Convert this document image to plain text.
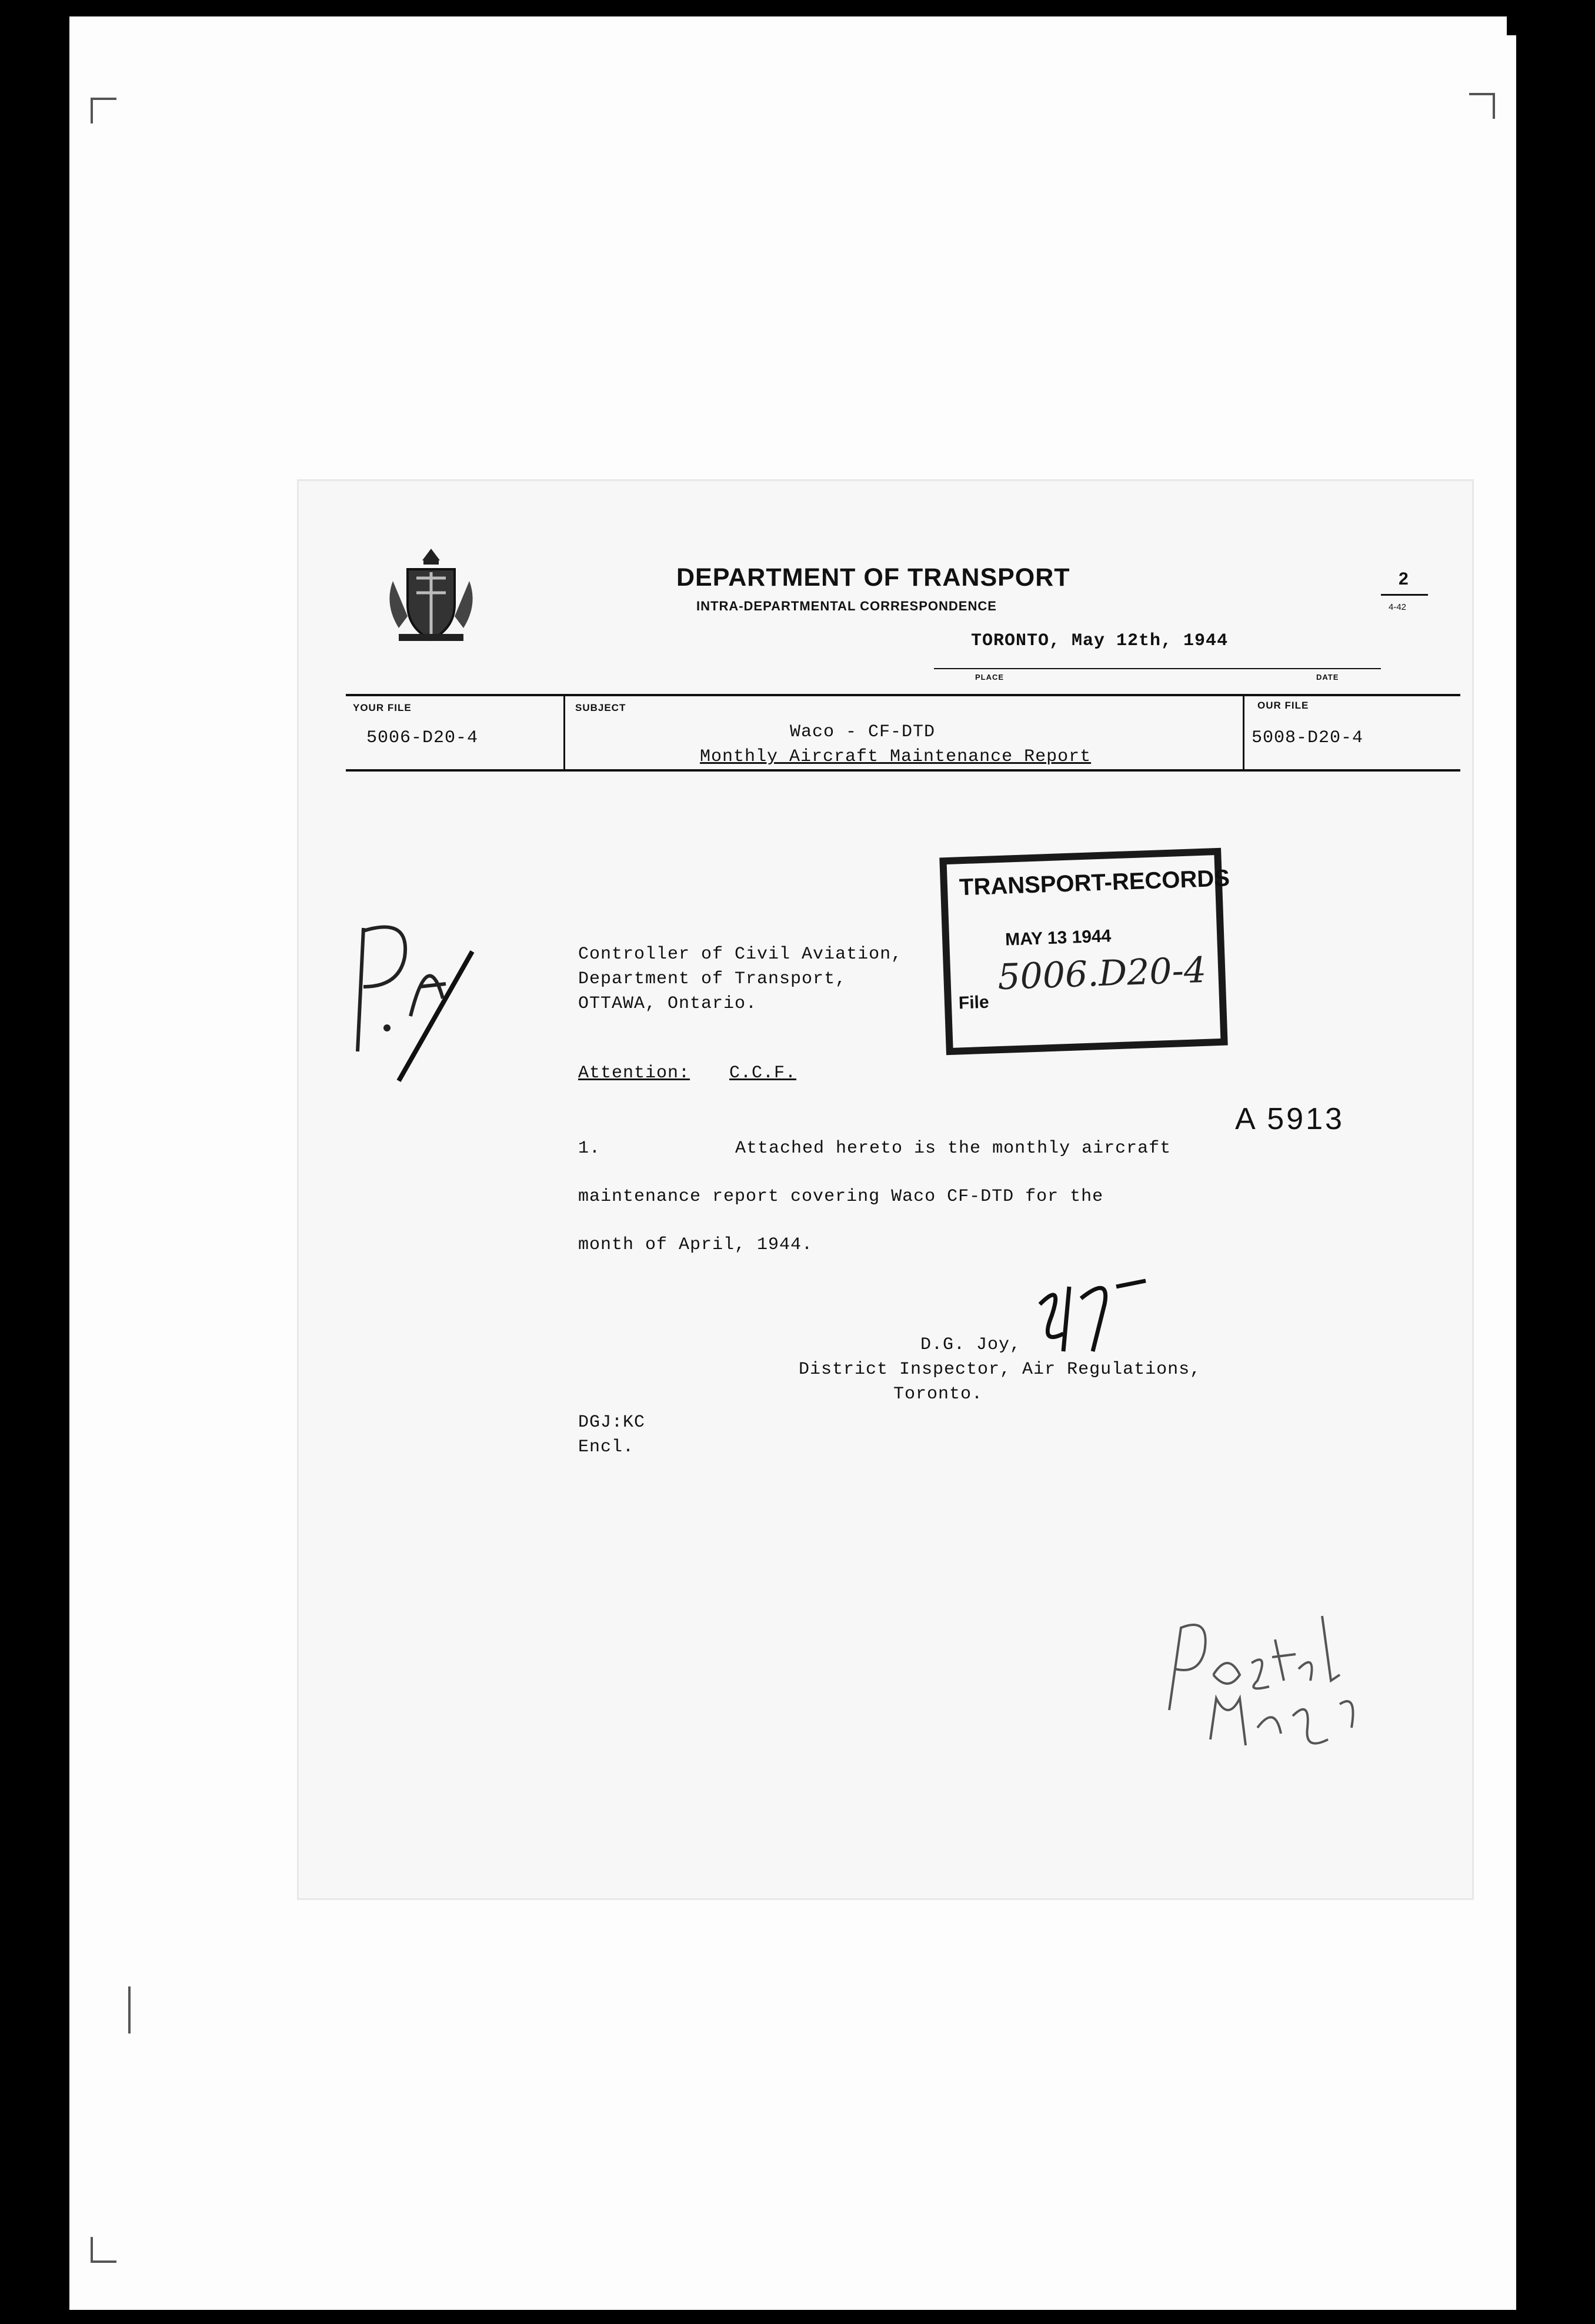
DEPARTMENT OF TRANSPORT
INTRA-DEPARTMENTAL CORRESPONDENCE
2
4-42
TORONTO, May 12th, 1944
PLACE	DATE
YOUR FILE
5006-D20-4
SUBJECT
Waco - CF-DTD
Monthly Aircraft Maintenance Report
OUR FILE
5008-D20-4
TRANSPORT-RECORDS
MAY 13 1944
File
5006.D20-4
Controller of Civil Aviation,
Department of Transport,
OTTAWA, Ontario.
Attention: C.C.F.
A 5913
1.	Attached hereto is the monthly aircraft
maintenance report covering Waco CF-DTD for the
month of April, 1944.
D.G. Joy,
District Inspector, Air Regulations,
Toronto.
DGJ:KC
Encl.
